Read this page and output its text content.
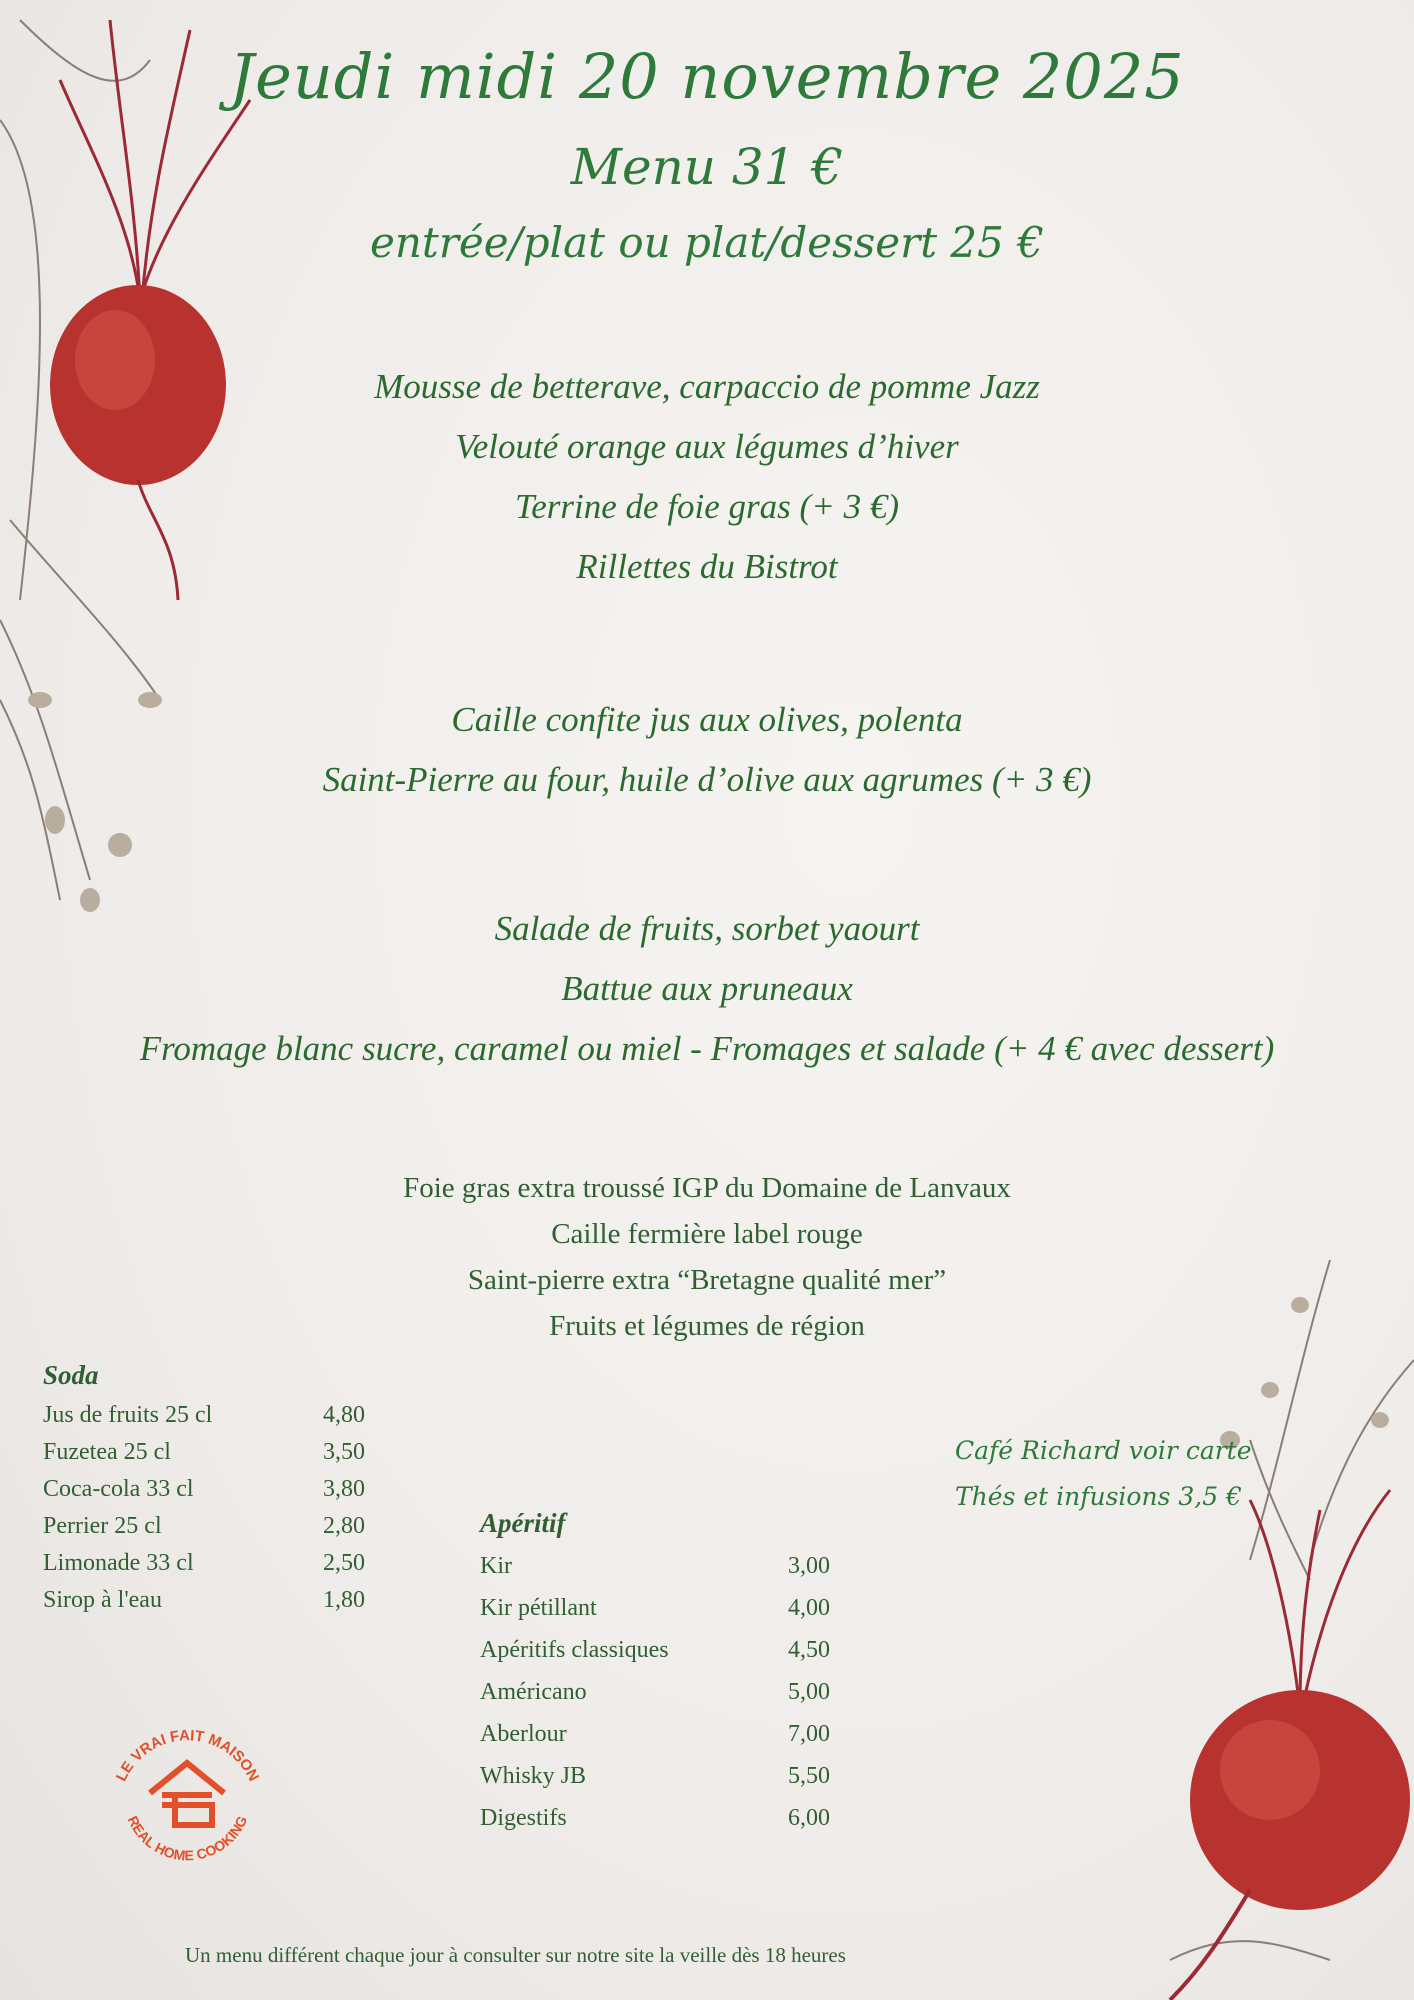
Jeudi midi 20 novembre 2025
Menu 31 €
entrée/plat ou plat/dessert 25 €
Mousse de betterave, carpaccio de pomme Jazz
Velouté orange aux légumes d’hiver
Terrine de foie gras (+ 3 €)
Rillettes du Bistrot
Caille confite jus aux olives, polenta
Saint-Pierre au four, huile d’olive aux agrumes (+ 3 €)
Salade de fruits, sorbet yaourt
Battue aux pruneaux
Fromage blanc sucre, caramel ou miel - Fromages et salade (+ 4 € avec dessert)
Foie gras extra troussé IGP du Domaine de Lanvaux
Caille fermière label rouge
Saint-pierre extra “Bretagne qualité mer”
Fruits et légumes de région
Soda
Jus de fruits 25 cl	4,80
Fuzetea 25 cl	3,50
Coca-cola 33 cl	3,80
Perrier 25 cl	2,80
Limonade 33 cl	2,50
Sirop à l'eau	1,80
Apéritif
Kir	3,00
Kir pétillant	4,00
Apéritifs classiques	4,50
Américano	5,00
Aberlour	7,00
Whisky JB	5,50
Digestifs	6,00
Café Richard voir carte
Thés et infusions 3,5 €
LE VRAI FAIT MAISON
REAL HOME COOKING
Un menu différent chaque jour à consulter sur notre site la veille dès 18 heures
